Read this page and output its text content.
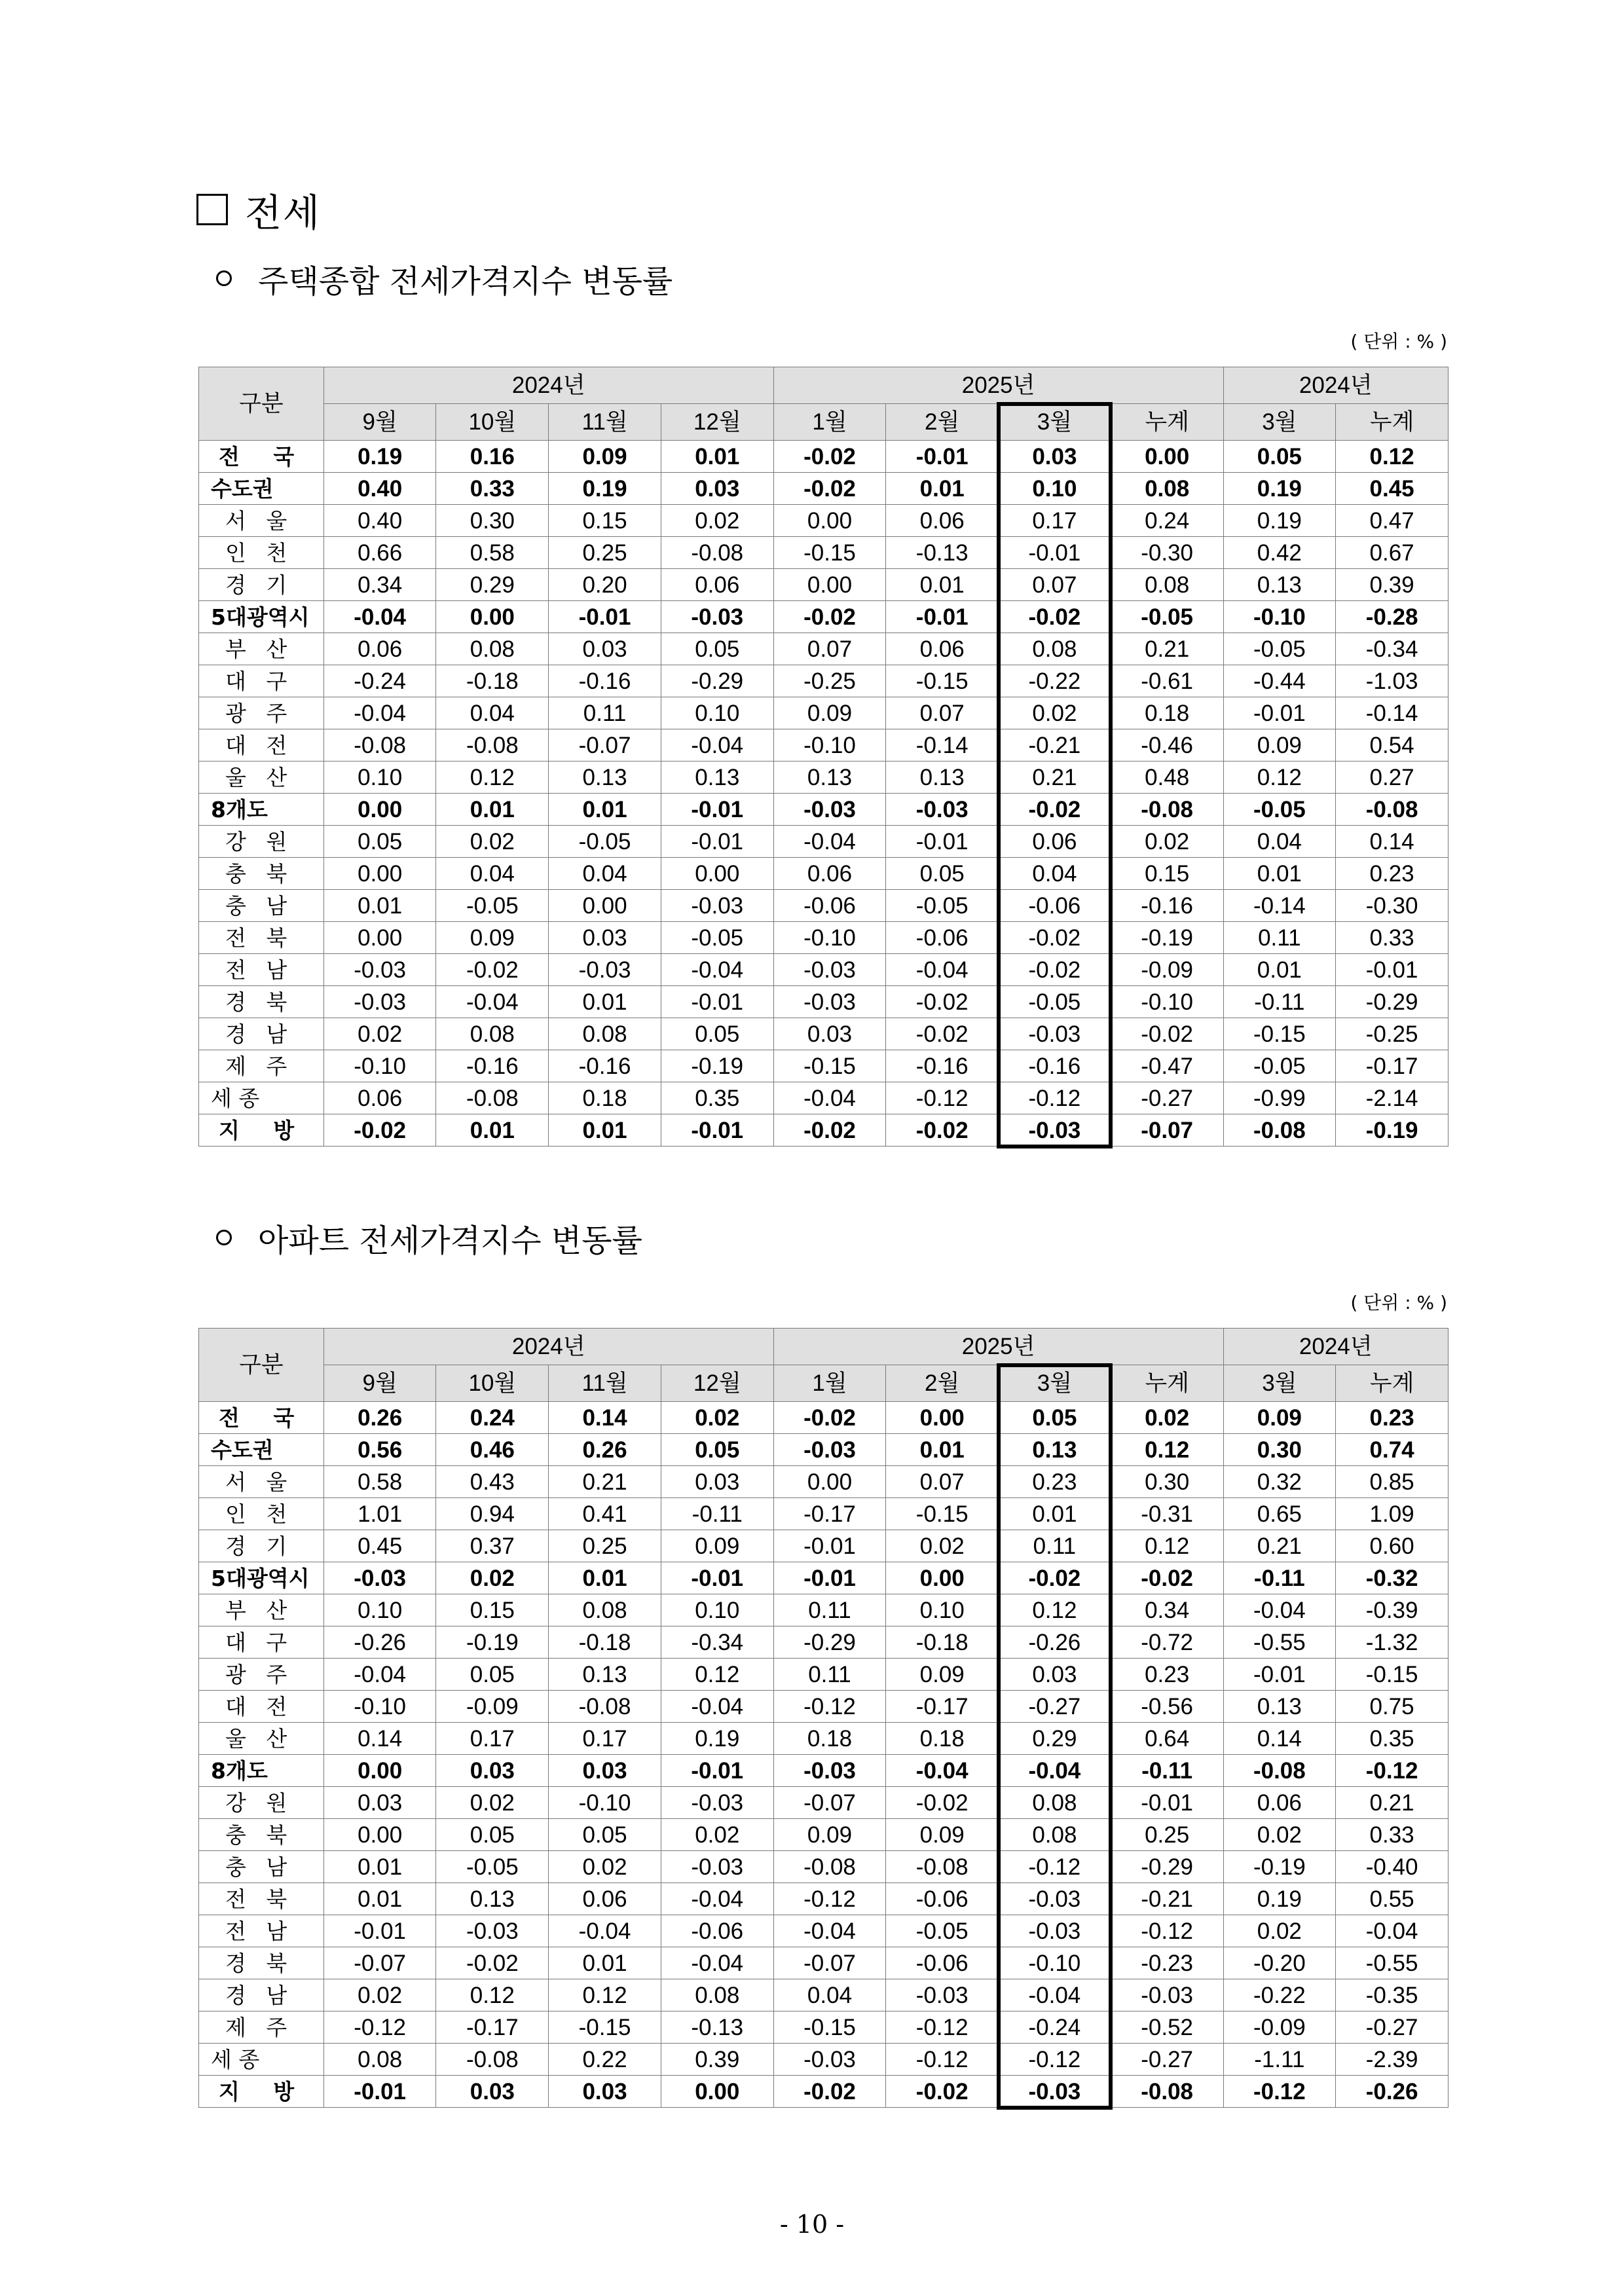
전세
주택종합 전세가격지수 변동률
( 단위 : % )
구분	2024년				2025년				2024년	
	9월	10월	11월	12월	1월	2월	3월	누계	3월	누계
전 국	0.19	0.16	0.09	0.01	-0.02	-0.01	0.03	0.00	0.05	0.12
수도권	0.40	0.33	0.19	0.03	-0.02	0.01	0.10	0.08	0.19	0.45
서 울	0.40	0.30	0.15	0.02	0.00	0.06	0.17	0.24	0.19	0.47
인 천	0.66	0.58	0.25	-0.08	-0.15	-0.13	-0.01	-0.30	0.42	0.67
경 기	0.34	0.29	0.20	0.06	0.00	0.01	0.07	0.08	0.13	0.39
5대광역시	-0.04	0.00	-0.01	-0.03	-0.02	-0.01	-0.02	-0.05	-0.10	-0.28
부 산	0.06	0.08	0.03	0.05	0.07	0.06	0.08	0.21	-0.05	-0.34
대 구	-0.24	-0.18	-0.16	-0.29	-0.25	-0.15	-0.22	-0.61	-0.44	-1.03
광 주	-0.04	0.04	0.11	0.10	0.09	0.07	0.02	0.18	-0.01	-0.14
대 전	-0.08	-0.08	-0.07	-0.04	-0.10	-0.14	-0.21	-0.46	0.09	0.54
울 산	0.10	0.12	0.13	0.13	0.13	0.13	0.21	0.48	0.12	0.27
8개도	0.00	0.01	0.01	-0.01	-0.03	-0.03	-0.02	-0.08	-0.05	-0.08
강 원	0.05	0.02	-0.05	-0.01	-0.04	-0.01	0.06	0.02	0.04	0.14
충 북	0.00	0.04	0.04	0.00	0.06	0.05	0.04	0.15	0.01	0.23
충 남	0.01	-0.05	0.00	-0.03	-0.06	-0.05	-0.06	-0.16	-0.14	-0.30
전 북	0.00	0.09	0.03	-0.05	-0.10	-0.06	-0.02	-0.19	0.11	0.33
전 남	-0.03	-0.02	-0.03	-0.04	-0.03	-0.04	-0.02	-0.09	0.01	-0.01
경 북	-0.03	-0.04	0.01	-0.01	-0.03	-0.02	-0.05	-0.10	-0.11	-0.29
경 남	0.02	0.08	0.08	0.05	0.03	-0.02	-0.03	-0.02	-0.15	-0.25
제 주	-0.10	-0.16	-0.16	-0.19	-0.15	-0.16	-0.16	-0.47	-0.05	-0.17
세 종	0.06	-0.08	0.18	0.35	-0.04	-0.12	-0.12	-0.27	-0.99	-2.14
지 방	-0.02	0.01	0.01	-0.01	-0.02	-0.02	-0.03	-0.07	-0.08	-0.19
아파트 전세가격지수 변동률
( 단위 : % )
구분	2024년				2025년				2024년	
	9월	10월	11월	12월	1월	2월	3월	누계	3월	누계
전 국	0.26	0.24	0.14	0.02	-0.02	0.00	0.05	0.02	0.09	0.23
수도권	0.56	0.46	0.26	0.05	-0.03	0.01	0.13	0.12	0.30	0.74
서 울	0.58	0.43	0.21	0.03	0.00	0.07	0.23	0.30	0.32	0.85
인 천	1.01	0.94	0.41	-0.11	-0.17	-0.15	0.01	-0.31	0.65	1.09
경 기	0.45	0.37	0.25	0.09	-0.01	0.02	0.11	0.12	0.21	0.60
5대광역시	-0.03	0.02	0.01	-0.01	-0.01	0.00	-0.02	-0.02	-0.11	-0.32
부 산	0.10	0.15	0.08	0.10	0.11	0.10	0.12	0.34	-0.04	-0.39
대 구	-0.26	-0.19	-0.18	-0.34	-0.29	-0.18	-0.26	-0.72	-0.55	-1.32
광 주	-0.04	0.05	0.13	0.12	0.11	0.09	0.03	0.23	-0.01	-0.15
대 전	-0.10	-0.09	-0.08	-0.04	-0.12	-0.17	-0.27	-0.56	0.13	0.75
울 산	0.14	0.17	0.17	0.19	0.18	0.18	0.29	0.64	0.14	0.35
8개도	0.00	0.03	0.03	-0.01	-0.03	-0.04	-0.04	-0.11	-0.08	-0.12
강 원	0.03	0.02	-0.10	-0.03	-0.07	-0.02	0.08	-0.01	0.06	0.21
충 북	0.00	0.05	0.05	0.02	0.09	0.09	0.08	0.25	0.02	0.33
충 남	0.01	-0.05	0.02	-0.03	-0.08	-0.08	-0.12	-0.29	-0.19	-0.40
전 북	0.01	0.13	0.06	-0.04	-0.12	-0.06	-0.03	-0.21	0.19	0.55
전 남	-0.01	-0.03	-0.04	-0.06	-0.04	-0.05	-0.03	-0.12	0.02	-0.04
경 북	-0.07	-0.02	0.01	-0.04	-0.07	-0.06	-0.10	-0.23	-0.20	-0.55
경 남	0.02	0.12	0.12	0.08	0.04	-0.03	-0.04	-0.03	-0.22	-0.35
제 주	-0.12	-0.17	-0.15	-0.13	-0.15	-0.12	-0.24	-0.52	-0.09	-0.27
세 종	0.08	-0.08	0.22	0.39	-0.03	-0.12	-0.12	-0.27	-1.11	-2.39
지 방	-0.01	0.03	0.03	0.00	-0.02	-0.02	-0.03	-0.08	-0.12	-0.26
- 10 -
